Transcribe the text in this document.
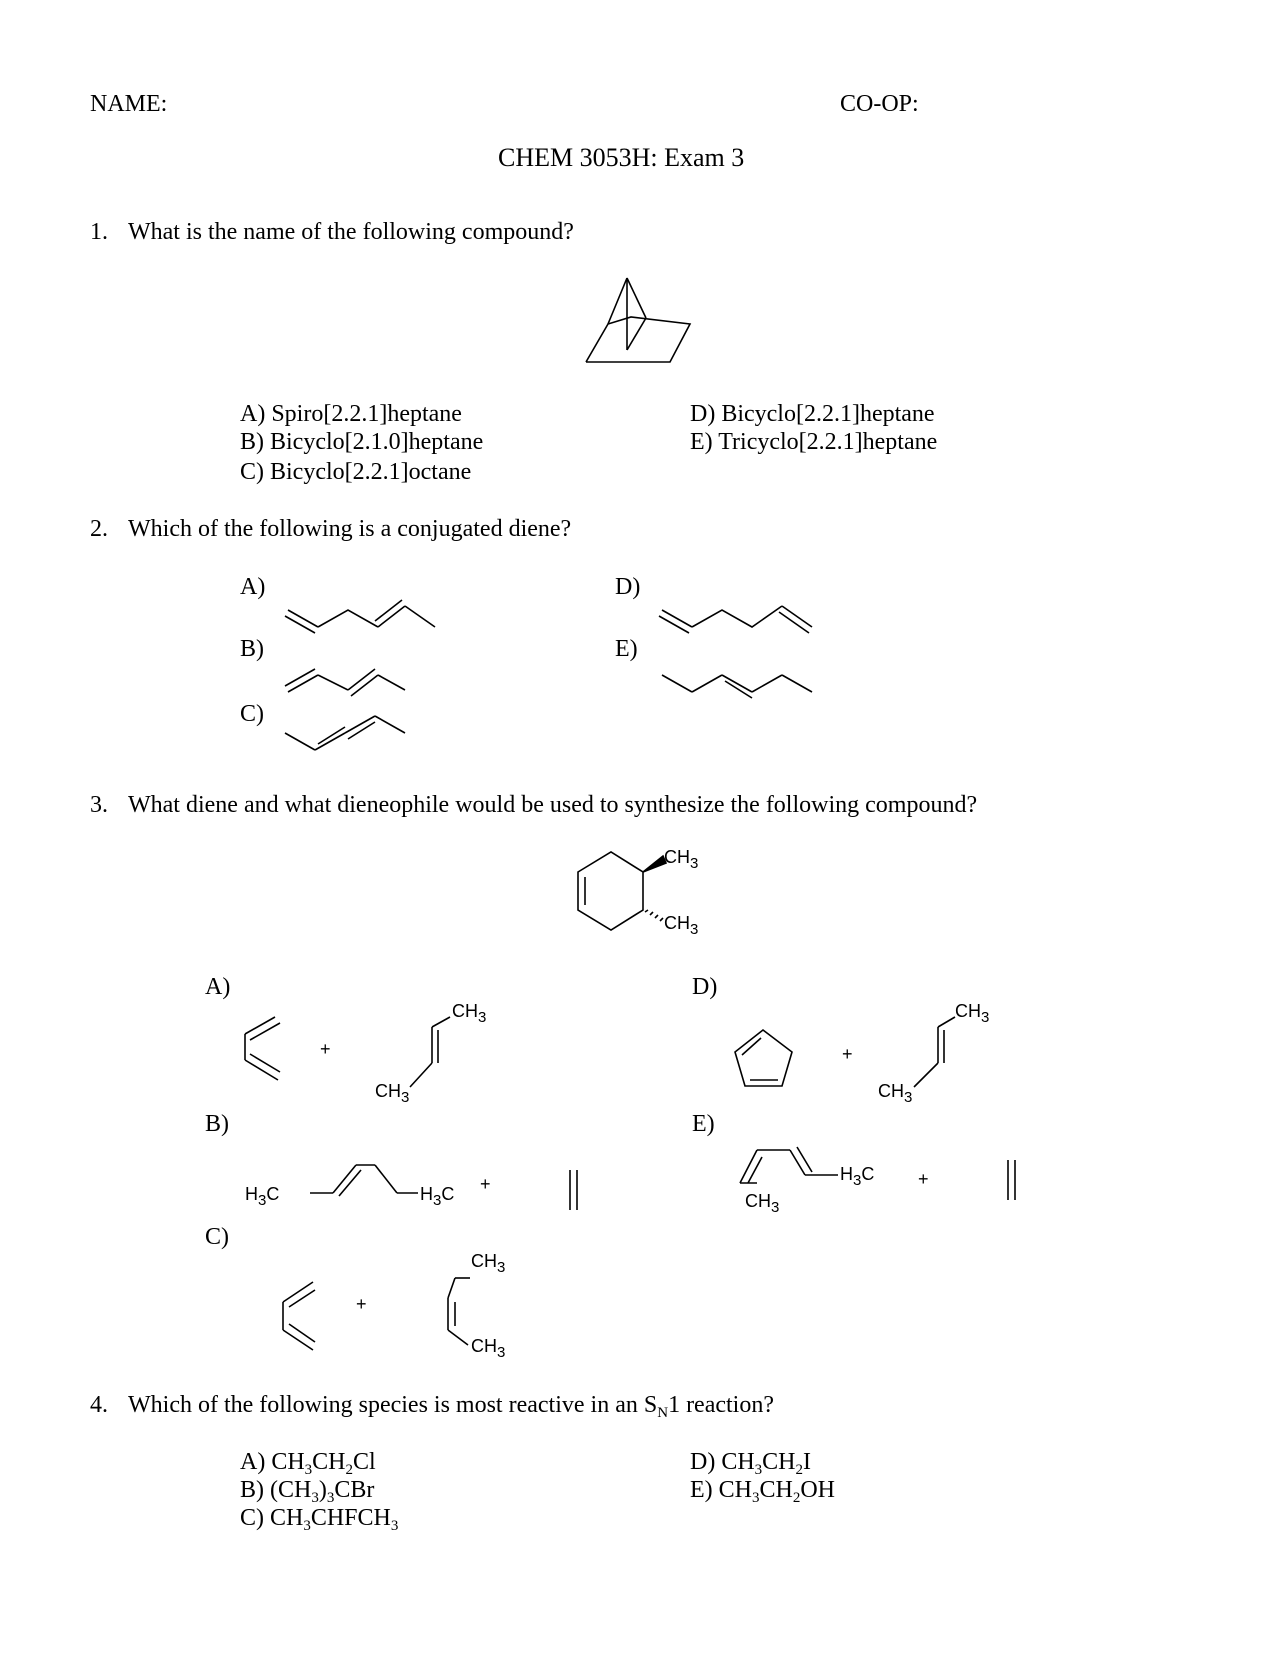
NAME:	CO-OP:
CHEM 3053H: Exam 3
1. What is the name of the following compound?
A) Spiro[2.2.1]heptane
B) Bicyclo[2.1.0]heptane
C) Bicyclo[2.2.1]octane
D) Bicyclo[2.2.1]heptane
E) Tricyclo[2.2.1]heptane
2. Which of the following is a conjugated diene?
A)
B)
C)
D)
E)
3. What diene and what dieneophile would be used to synthesize the following compound?
$CH_3$
$CH_3$
A)
B)
C)
D)
E)
$CH_3$
$CH_3$
+
$H_3C$	$H_3C$ +
+
$CH_3$
$CH_3$
+
$CH_3$
$CH_3$
$H_3C$
$CH_3$
+
4. Which of the following species is most reactive in an $S_N1$ reaction?
A) $CH_3CH_2Cl$
B) $(CH_3)_3CBr$
C) $CH_3CHFCH_3$
D) $CH_3CH_2I$
E) $CH_3CH_2OH$
